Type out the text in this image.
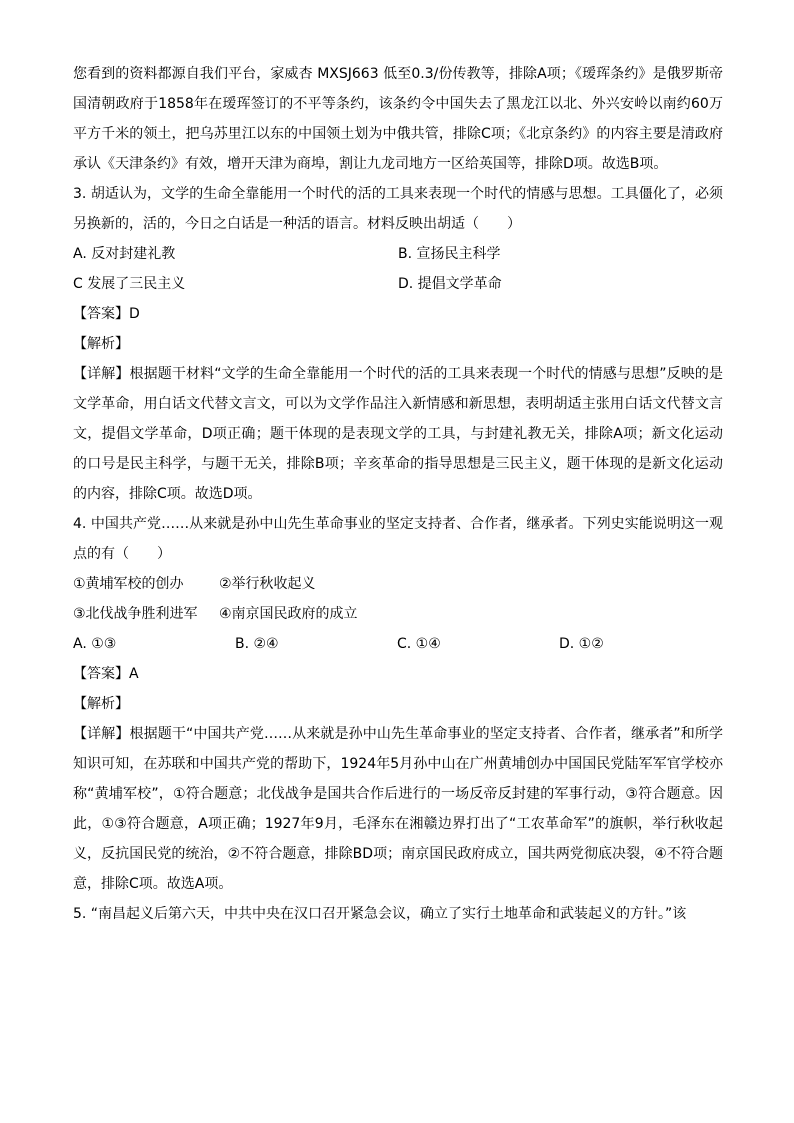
您看到的资料都源自我们平台，家威杏 MXSJ663 低至0.3/份传教等，排除A项；《瑷珲条约》是俄罗斯帝国清朝政府于1858年在瑷珲签订的不平等条约，该条约令中国失去了黑龙江以北、外兴安岭以南约60万平方千米的领土，把乌苏里江以东的中国领土划为中俄共管，排除C项；《北京条约》的内容主要是清政府承认《天津条约》有效，增开天津为商埠，割让九龙司地方一区给英国等，排除D项。故选B项。

3. 胡适认为，文学的生命全靠能用一个时代的活的工具来表现一个时代的情感与思想。工具僵化了，必须另换新的，活的，今日之白话是一种活的语言。材料反映出胡适（　　）

A. 反对封建礼教	B. 宣扬民主科学
C 发展了三民主义	D. 提倡文学革命

【答案】D

【解析】

【详解】根据题干材料“文学的生命全靠能用一个时代的活的工具来表现一个时代的情感与思想”反映的是文学革命，用白话文代替文言文，可以为文学作品注入新情感和新思想，表明胡适主张用白话文代替文言文，提倡文学革命，D项正确；题干体现的是表现文学的工具，与封建礼教无关，排除A项；新文化运动的口号是民主科学，与题干无关，排除B项；辛亥革命的指导思想是三民主义，题干体现的是新文化运动的内容，排除C项。故选D项。

4. 中国共产党……从来就是孙中山先生革命事业的坚定支持者、合作者，继承者。下列史实能说明这一观点的有（　　）

①黄埔军校的创办	②举行秋收起义
③北伐战争胜利进军	④南京国民政府的成立
A. ①③	B. ②④	C. ①④	D. ①②

【答案】A

【解析】

【详解】根据题干“中国共产党……从来就是孙中山先生革命事业的坚定支持者、合作者，继承者”和所学知识可知，在苏联和中国共产党的帮助下，1924年5月孙中山在广州黄埔创办中国国民党陆军军官学校亦称“黄埔军校”，①符合题意；北伐战争是国共合作后进行的一场反帝反封建的军事行动，③符合题意。因此，①③符合题意，A项正确；1927年9月，毛泽东在湘赣边界打出了“工农革命军”的旗帜，举行秋收起义，反抗国民党的统治，②不符合题意，排除BD项；南京国民政府成立，国共两党彻底决裂，④不符合题意，排除C项。故选A项。

5. “南昌起义后第六天，中共中央在汉口召开紧急会议，确立了实行土地革命和武装起义的方针。”该
